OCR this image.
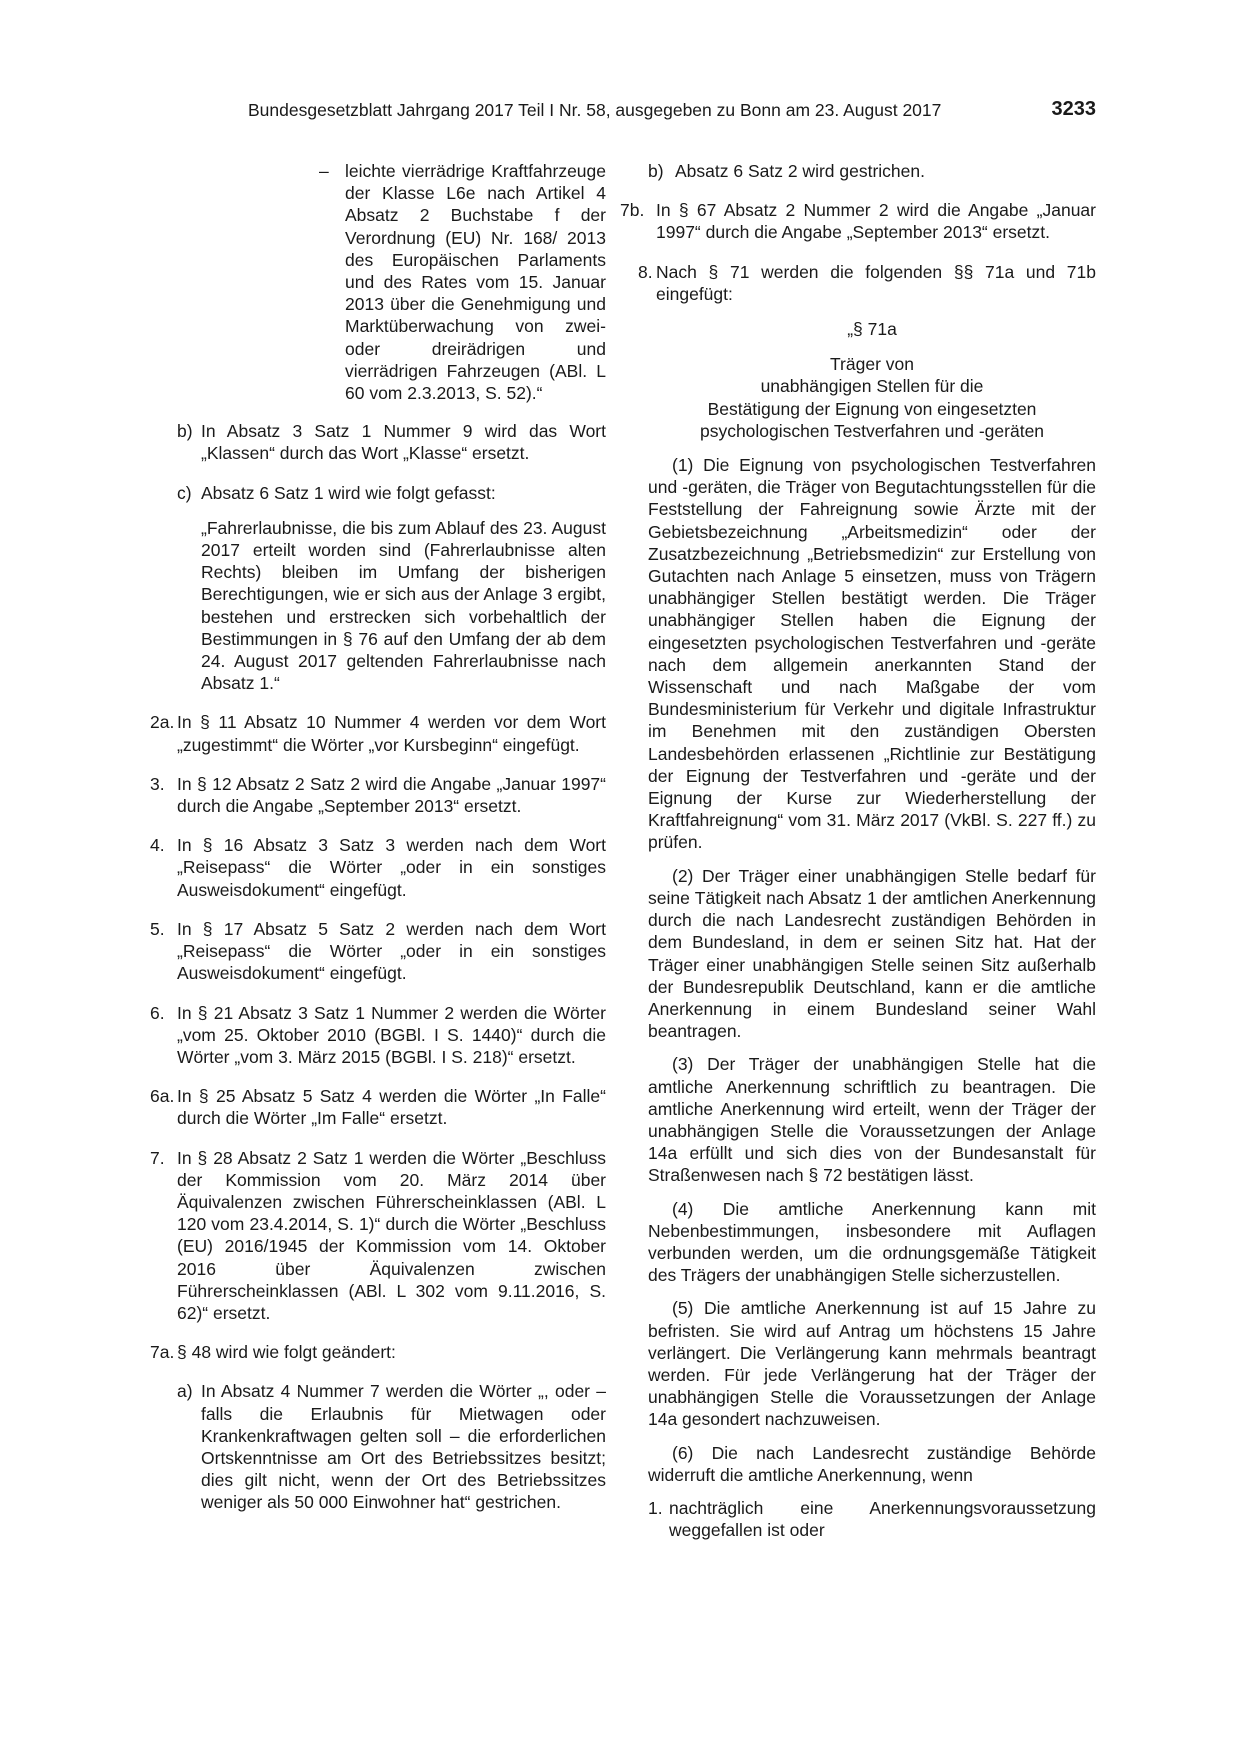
Bundesgesetzblatt Jahrgang 2017 Teil I Nr. 58, ausgegeben zu Bonn am 23. August 2017	3233
– leichte vierrädrige Kraftfahrzeuge der Klasse L6e nach Artikel 4 Absatz 2 Buchstabe f der Verordnung (EU) Nr. 168/ 2013 des Europäischen Parlaments und des Rates vom 15. Januar 2013 über die Genehmigung und Marktüberwachung von zwei- oder dreirädrigen und vierrädrigen Fahrzeugen (ABl. L 60 vom 2.3.2013, S. 52).“
b) In Absatz 3 Satz 1 Nummer 9 wird das Wort „Klassen“ durch das Wort „Klasse“ ersetzt.
c) Absatz 6 Satz 1 wird wie folgt gefasst:
„Fahrerlaubnisse, die bis zum Ablauf des 23. August 2017 erteilt worden sind (Fahrerlaubnisse alten Rechts) bleiben im Umfang der bisherigen Berechtigungen, wie er sich aus der Anlage 3 ergibt, bestehen und erstrecken sich vorbehaltlich der Bestimmungen in § 76 auf den Umfang der ab dem 24. August 2017 geltenden Fahrerlaubnisse nach Absatz 1.“
2a. In § 11 Absatz 10 Nummer 4 werden vor dem Wort „zugestimmt“ die Wörter „vor Kursbeginn“ eingefügt.
3. In § 12 Absatz 2 Satz 2 wird die Angabe „Januar 1997“ durch die Angabe „September 2013“ ersetzt.
4. In § 16 Absatz 3 Satz 3 werden nach dem Wort „Reisepass“ die Wörter „oder in ein sonstiges Ausweisdokument“ eingefügt.
5. In § 17 Absatz 5 Satz 2 werden nach dem Wort „Reisepass“ die Wörter „oder in ein sonstiges Ausweisdokument“ eingefügt.
6. In § 21 Absatz 3 Satz 1 Nummer 2 werden die Wörter „vom 25. Oktober 2010 (BGBl. I S. 1440)“ durch die Wörter „vom 3. März 2015 (BGBl. I S. 218)“ ersetzt.
6a. In § 25 Absatz 5 Satz 4 werden die Wörter „In Falle“ durch die Wörter „Im Falle“ ersetzt.
7. In § 28 Absatz 2 Satz 1 werden die Wörter „Beschluss der Kommission vom 20. März 2014 über Äquivalenzen zwischen Führerscheinklassen (ABl. L 120 vom 23.4.2014, S. 1)“ durch die Wörter „Beschluss (EU) 2016/1945 der Kommission vom 14. Oktober 2016 über Äquivalenzen zwischen Führerscheinklassen (ABl. L 302 vom 9.11.2016, S. 62)“ ersetzt.
7a. § 48 wird wie folgt geändert:
a) In Absatz 4 Nummer 7 werden die Wörter „, oder – falls die Erlaubnis für Mietwagen oder Krankenkraftwagen gelten soll – die erforderlichen Ortskenntnisse am Ort des Betriebssitzes besitzt; dies gilt nicht, wenn der Ort des Betriebssitzes weniger als 50 000 Einwohner hat“ gestrichen.
b) Absatz 6 Satz 2 wird gestrichen.
7b. In § 67 Absatz 2 Nummer 2 wird die Angabe „Januar 1997“ durch die Angabe „September 2013“ ersetzt.
8. Nach § 71 werden die folgenden §§ 71a und 71b eingefügt:
„§ 71a
Träger von
unabhängigen Stellen für die
Bestätigung der Eignung von eingesetzten
psychologischen Testverfahren und -geräten

(1) Die Eignung von psychologischen Testverfahren und -geräten, die Träger von Begutachtungsstellen für die Feststellung der Fahreignung sowie Ärzte mit der Gebietsbezeichnung „Arbeitsmedizin“ oder der Zusatzbezeichnung „Betriebsmedizin“ zur Erstellung von Gutachten nach Anlage 5 einsetzen, muss von Trägern unabhängiger Stellen bestätigt werden. Die Träger unabhängiger Stellen haben die Eignung der eingesetzten psychologischen Testverfahren und -geräte nach dem allgemein anerkannten Stand der Wissenschaft und nach Maßgabe der vom Bundesministerium für Verkehr und digitale Infrastruktur im Benehmen mit den zuständigen Obersten Landesbehörden erlassenen „Richtlinie zur Bestätigung der Eignung der Testverfahren und -geräte und der Eignung der Kurse zur Wiederherstellung der Kraftfahreignung“ vom 31. März 2017 (VkBl. S. 227 ff.) zu prüfen.

(2) Der Träger einer unabhängigen Stelle bedarf für seine Tätigkeit nach Absatz 1 der amtlichen Anerkennung durch die nach Landesrecht zuständigen Behörden in dem Bundesland, in dem er seinen Sitz hat. Hat der Träger einer unabhängigen Stelle seinen Sitz außerhalb der Bundesrepublik Deutschland, kann er die amtliche Anerkennung in einem Bundesland seiner Wahl beantragen.

(3) Der Träger der unabhängigen Stelle hat die amtliche Anerkennung schriftlich zu beantragen. Die amtliche Anerkennung wird erteilt, wenn der Träger der unabhängigen Stelle die Voraussetzungen der Anlage 14a erfüllt und sich dies von der Bundesanstalt für Straßenwesen nach § 72 bestätigen lässt.

(4) Die amtliche Anerkennung kann mit Nebenbestimmungen, insbesondere mit Auflagen verbunden werden, um die ordnungsgemäße Tätigkeit des Trägers der unabhängigen Stelle sicherzustellen.

(5) Die amtliche Anerkennung ist auf 15 Jahre zu befristen. Sie wird auf Antrag um höchstens 15 Jahre verlängert. Die Verlängerung kann mehrmals beantragt werden. Für jede Verlängerung hat der Träger der unabhängigen Stelle die Voraussetzungen der Anlage 14a gesondert nachzuweisen.

(6) Die nach Landesrecht zuständige Behörde widerruft die amtliche Anerkennung, wenn

1. nachträglich eine Anerkennungsvoraussetzung weggefallen ist oder
